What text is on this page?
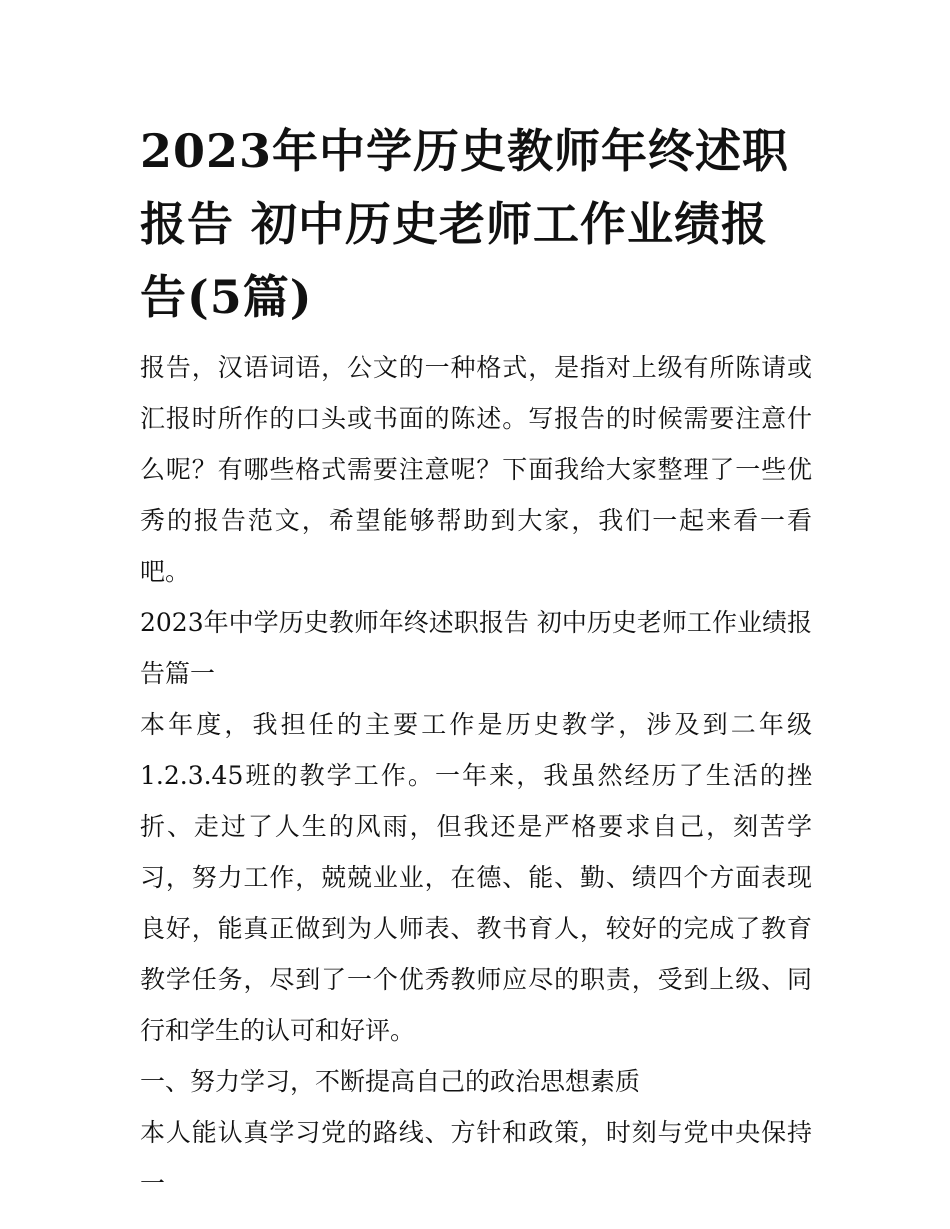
2023年中学历史教师年终述职报告 初中历史老师工作业绩报告(5篇)

报告，汉语词语，公文的一种格式，是指对上级有所陈请或汇报时所作的口头或书面的陈述。写报告的时候需要注意什么呢？有哪些格式需要注意呢？下面我给大家整理了一些优秀的报告范文，希望能够帮助到大家，我们一起来看一看吧。

2023年中学历史教师年终述职报告 初中历史老师工作业绩报告篇一

本年度，我担任的主要工作是历史教学，涉及到二年级1.2.3.45班的教学工作。一年来，我虽然经历了生活的挫折、走过了人生的风雨，但我还是严格要求自己，刻苦学习，努力工作，兢兢业业，在德、能、勤、绩四个方面表现良好，能真正做到为人师表、教书育人，较好的完成了教育教学任务，尽到了一个优秀教师应尽的职责，受到上级、同行和学生的认可和好评。

一、努力学习，不断提高自己的政治思想素质

本人能认真学习党的路线、方针和政策，时刻与党中央保持一
